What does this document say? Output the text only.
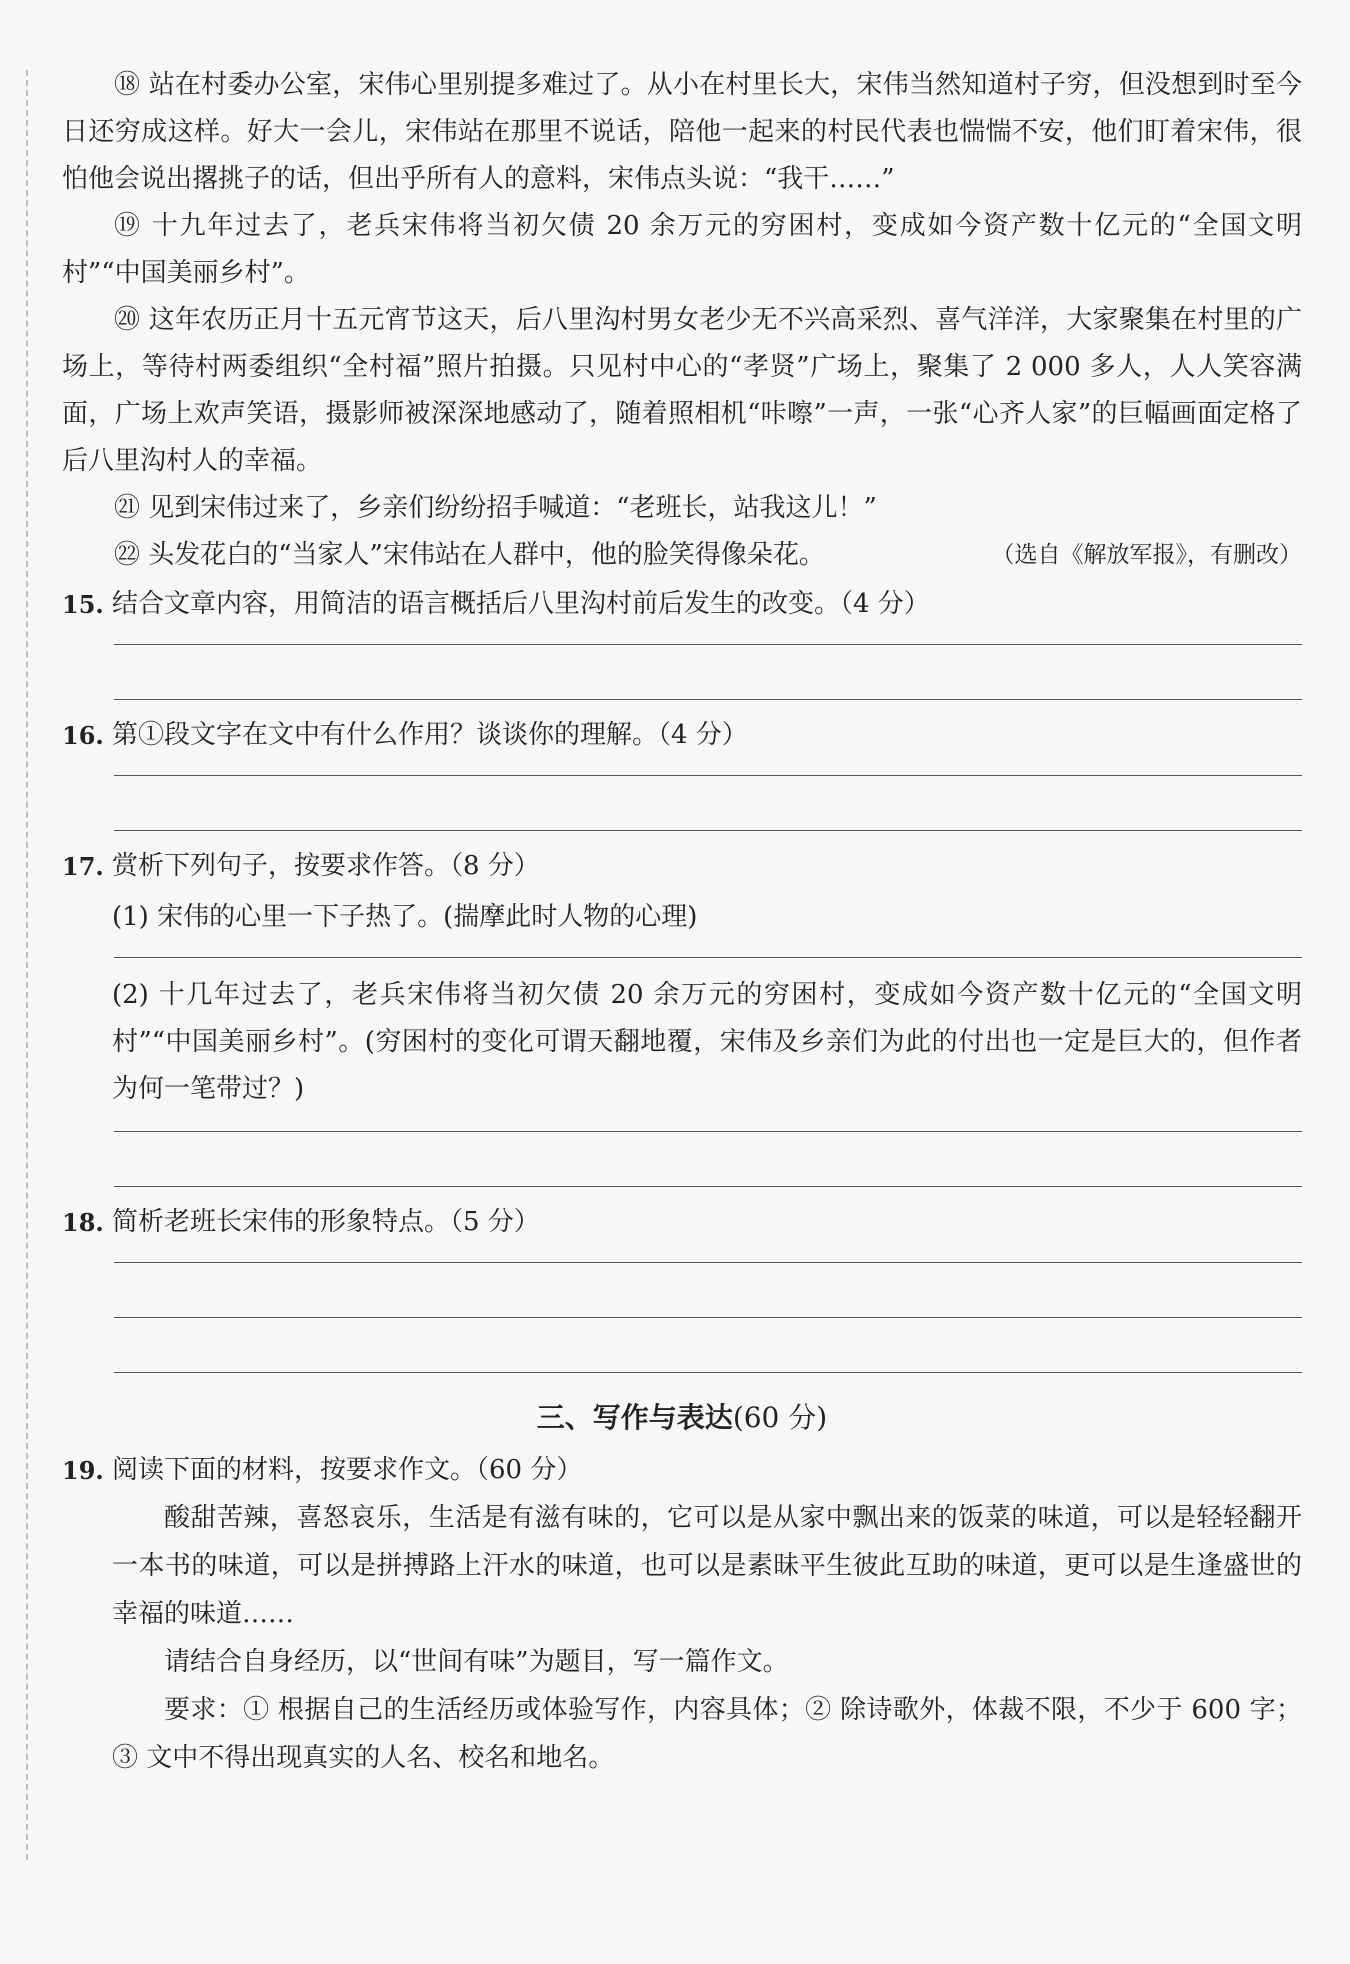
⑱ 站在村委办公室，宋伟心里别提多难过了。从小在村里长大，宋伟当然知道村子穷，但没想到时至今日还穷成这样。好大一会儿，宋伟站在那里不说话，陪他一起来的村民代表也惴惴不安，他们盯着宋伟，很怕他会说出撂挑子的话，但出乎所有人的意料，宋伟点头说：“我干……”

⑲ 十九年过去了，老兵宋伟将当初欠债 20 余万元的穷困村，变成如今资产数十亿元的“全国文明村”“中国美丽乡村”。

⑳ 这年农历正月十五元宵节这天，后八里沟村男女老少无不兴高采烈、喜气洋洋，大家聚集在村里的广场上，等待村两委组织“全村福”照片拍摄。只见村中心的“孝贤”广场上，聚集了 2 000 多人，人人笑容满面，广场上欢声笑语，摄影师被深深地感动了，随着照相机“咔嚓”一声，一张“心齐人家”的巨幅画面定格了后八里沟村人的幸福。

㉑ 见到宋伟过来了，乡亲们纷纷招手喊道：“老班长，站我这儿！”

㉒ 头发花白的“当家人”宋伟站在人群中，他的脸笑得像朵花。	（选自《解放军报》，有删改）

15. 结合文章内容，用简洁的语言概括后八里沟村前后发生的改变。（4 分）

16. 第①段文字在文中有什么作用？谈谈你的理解。（4 分）

17. 赏析下列句子，按要求作答。（8 分）

(1) 宋伟的心里一下子热了。(揣摩此时人物的心理)

(2) 十几年过去了，老兵宋伟将当初欠债 20 余万元的穷困村，变成如今资产数十亿元的“全国文明村”“中国美丽乡村”。(穷困村的变化可谓天翻地覆，宋伟及乡亲们为此的付出也一定是巨大的，但作者为何一笔带过？)

18. 简析老班长宋伟的形象特点。（5 分）

三、写作与表达(60 分)

19. 阅读下面的材料，按要求作文。（60 分）

酸甜苦辣，喜怒哀乐，生活是有滋有味的，它可以是从家中飘出来的饭菜的味道，可以是轻轻翻开一本书的味道，可以是拼搏路上汗水的味道，也可以是素昧平生彼此互助的味道，更可以是生逢盛世的幸福的味道……

请结合自身经历，以“世间有味”为题目，写一篇作文。

要求：① 根据自己的生活经历或体验写作，内容具体；② 除诗歌外，体裁不限，不少于 600 字；③ 文中不得出现真实的人名、校名和地名。
